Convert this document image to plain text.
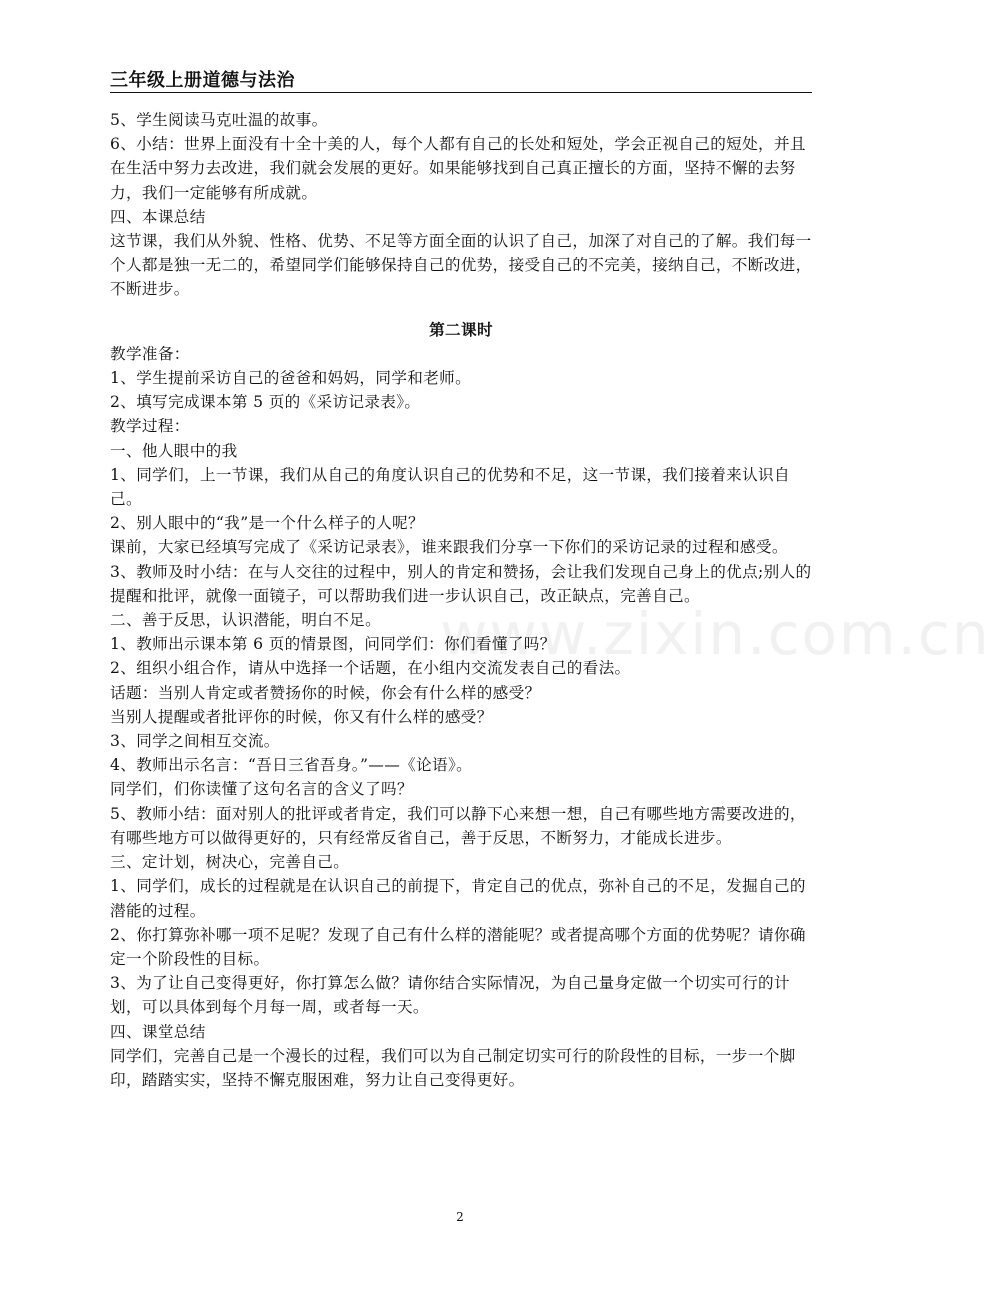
三年级上册道德与法治
www.zixin.com.cn

5、学生阅读马克吐温的故事。

6、小结：世界上面没有十全十美的人，每个人都有自己的长处和短处，学会正视自己的短处，并且在生活中努力去改进，我们就会发展的更好。如果能够找到自己真正擅长的方面，坚持不懈的去努力，我们一定能够有所成就。

四、本课总结

这节课，我们从外貌、性格、优势、不足等方面全面的认识了自己，加深了对自己的了解。我们每一个人都是独一无二的，希望同学们能够保持自己的优势，接受自己的不完美，接纳自己，不断改进，不断进步。

第二课时

教学准备：

1、学生提前采访自己的爸爸和妈妈，同学和老师。

2、填写完成课本第 5 页的《采访记录表》。

教学过程：

一、他人眼中的我

1、同学们，上一节课，我们从自己的角度认识自己的优势和不足，这一节课，我们接着来认识自己。

2、别人眼中的“我”是一个什么样子的人呢？

课前，大家已经填写完成了《采访记录表》，谁来跟我们分享一下你们的采访记录的过程和感受。

3、教师及时小结：在与人交往的过程中，别人的肯定和赞扬，会让我们发现自己身上的优点;别人的提醒和批评，就像一面镜子，可以帮助我们进一步认识自己，改正缺点，完善自己。

二、善于反思，认识潜能，明白不足。

1、教师出示课本第 6 页的情景图，问同学们：你们看懂了吗？

2、组织小组合作，请从中选择一个话题，在小组内交流发表自己的看法。

话题：当别人肯定或者赞扬你的时候，你会有什么样的感受？

当别人提醒或者批评你的时候，你又有什么样的感受？

3、同学之间相互交流。

4、教师出示名言：“吾日三省吾身。”——《论语》。

同学们，们你读懂了这句名言的含义了吗？

5、教师小结：面对别人的批评或者肯定，我们可以静下心来想一想，自己有哪些地方需要改进的，有哪些地方可以做得更好的，只有经常反省自己，善于反思，不断努力，才能成长进步。

三、定计划，树决心，完善自己。

1、同学们，成长的过程就是在认识自己的前提下，肯定自己的优点，弥补自己的不足，发掘自己的潜能的过程。

2、你打算弥补哪一项不足呢？发现了自己有什么样的潜能呢？或者提高哪个方面的优势呢？请你确定一个阶段性的目标。

3、为了让自己变得更好，你打算怎么做？请你结合实际情况，为自己量身定做一个切实可行的计划，可以具体到每个月每一周，或者每一天。

四、课堂总结

同学们，完善自己是一个漫长的过程，我们可以为自己制定切实可行的阶段性的目标，一步一个脚印，踏踏实实，坚持不懈克服困难，努力让自己变得更好。

2
